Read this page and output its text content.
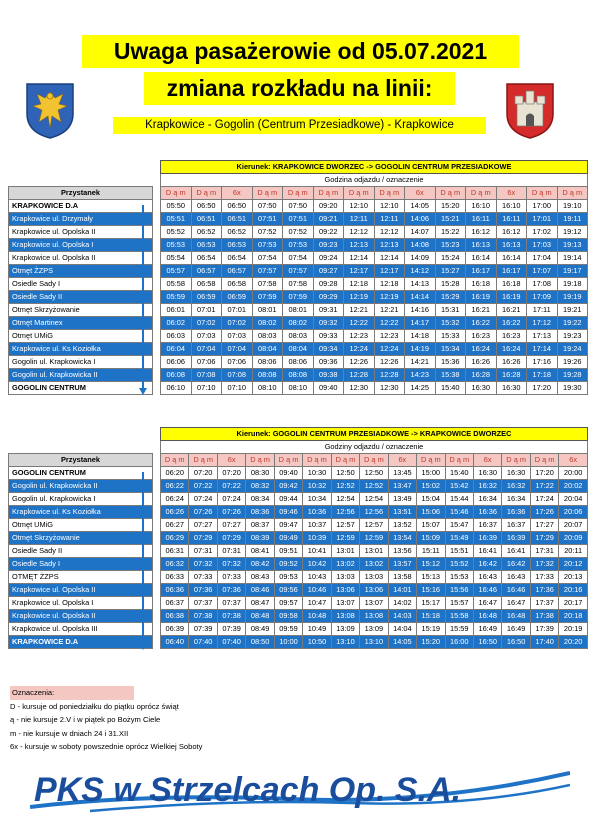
Uwaga pasażerowie od 05.07.2021
zmiana rozkładu na linii:
Krapkowice - Gogolin (Centrum Przesiadkowe) - Krapkowice
		Kierunek: KRAPKOWICE DWORZEC -> GOGOLIN CENTRUM PRZESIADKOWE													
		Godzina odjazdu / oznaczenie													
Przystanek		D ą m	D ą m	6x	D ą m	D ą m	D ą m	D ą m	D ą m	6x	D ą m	D ą m	6x	D ą m	D ą m
KRAPKOWICE D.A		05:50	06:50	06:50	07:50	07:50	09:20	12:10	12:10	14:05	15:20	16:10	16:10	17:00	19:10
Krapkowice ul. Drzymały		05:51	06:51	06:51	07:51	07:51	09:21	12:11	12:11	14:06	15:21	16:11	16:11	17:01	19:11
Krapkowice ul. Opolska II		05:52	06:52	06:52	07:52	07:52	09:22	12:12	12:12	14:07	15:22	16:12	16:12	17:02	19:12
Krapkowice ul. Opolska I		05:53	06:53	06:53	07:53	07:53	09:23	12:13	12:13	14:08	15:23	16:13	16:13	17:03	19:13
Krapkowice ul. Opolska II		05:54	06:54	06:54	07:54	07:54	09:24	12:14	12:14	14:09	15:24	16:14	16:14	17:04	19:14
Otmęt ŻZPS		05:57	06:57	06:57	07:57	07:57	09:27	12:17	12:17	14:12	15:27	16:17	16:17	17:07	19:17
Osiedle Sady I		05:58	06:58	06:58	07:58	07:58	09:28	12:18	12:18	14:13	15:28	16:18	16:18	17:08	19:18
Osiedle Sady II		05:59	06:59	06:59	07:59	07:59	09:29	12:19	12:19	14:14	15:29	16:19	16:19	17:09	19:19
Otmęt Skrzyżowanie		06:01	07:01	07:01	08:01	08:01	09:31	12:21	12:21	14:16	15:31	16:21	16:21	17:11	19:21
Otmęt Martinex		06:02	07:02	07:02	08:02	08:02	09:32	12:22	12:22	14:17	15:32	16:22	16:22	17:12	19:22
Otmęt UMiG		06:03	07:03	07:03	08:03	08:03	09:33	12:23	12:23	14:18	15:33	16:23	16:23	17:13	19:23
Krapkowice ul. Ks Koziołka		06:04	07:04	07:04	08:04	08:04	09:34	12:24	12:24	14:19	15:34	16:24	16:24	17:14	19:24
Gogolin ul. Krapkowicka I		06:06	07:06	07:06	08:06	08:06	09:36	12:26	12:26	14:21	15:36	16:26	16:26	17:16	19:26
Gogolin ul. Krapkowicka II		06:08	07:08	07:08	08:08	08:08	09:38	12:28	12:28	14:23	15:38	16:28	16:28	17:18	19:28
GOGOLIN CENTRUM		06:10	07:10	07:10	08:10	08:10	09:40	12:30	12:30	14:25	15:40	16:30	16:30	17:20	19:30
		Kierunek: GOGOLIN CENTRUM PRZESIADKOWE -> KRAPKOWICE DWORZEC														
		Godziny odjazdu / oznaczenie														
Przystanek		D ą m	D ą m	6x	D ą m	D ą m	D ą m	D ą m	D ą m	6x	D ą m	D ą m	6x	D ą m	D ą m	6x
GOGOLIN CENTRUM		06:20	07:20	07:20	08:30	09:40	10:30	12:50	12:50	13:45	15:00	15:40	16:30	16:30	17:20	20:00
Gogolin ul. Krapkowicka II		06:22	07:22	07:22	08:32	09:42	10:32	12:52	12:52	13:47	15:02	15:42	16:32	16:32	17:22	20:02
Gogolin ul. Krapkowicka I		06:24	07:24	07:24	08:34	09:44	10:34	12:54	12:54	13:49	15:04	15:44	16:34	16:34	17:24	20:04
Krapkowice ul. Ks Koziołka		06:26	07:26	07:26	08:36	09:46	10:36	12:56	12:56	13:51	15:06	15:46	16:36	16:36	17:26	20:06
Otmęt UMiG		06:27	07:27	07:27	08:37	09:47	10:37	12:57	12:57	13:52	15:07	15:47	16:37	16:37	17:27	20:07
Otmęt Skrzyżowanie		06:29	07:29	07:29	08:39	09:49	10:39	12:59	12:59	13:54	15:09	15:49	16:39	16:39	17:29	20:09
Osiedle Sady II		06:31	07:31	07:31	08:41	09:51	10:41	13:01	13:01	13:56	15:11	15:51	16:41	16:41	17:31	20:11
Osiedle Sady I		06:32	07:32	07:32	08:42	09:52	10:42	13:02	13:02	13:57	15:12	15:52	16:42	16:42	17:32	20:12
OTMĘT ŻZPS		06:33	07:33	07:33	08:43	09:53	10:43	13:03	13:03	13:58	15:13	15:53	16:43	16:43	17:33	20:13
Krapkowice ul. Opolska II		06:36	07:36	07:36	08:46	09:56	10:46	13:06	13:06	14:01	15:16	15:56	16:46	16:46	17:36	20:16
Krapkowice ul. Opolska I		06:37	07:37	07:37	08:47	09:57	10:47	13:07	13:07	14:02	15:17	15:57	16:47	16:47	17:37	20:17
Krapkowice ul. Opolska II		06:38	07:38	07:38	08:48	09:58	10:48	13:08	13:08	14:03	15:18	15:58	16:48	16:48	17:38	20:18
Krapkowice ul. Opolska III		06:39	07:39	07:39	08:49	09:59	10:49	13:09	13:09	14:04	15:19	15:59	16:49	16:49	17:39	20:19
KRAPKOWICE D.A		06:40	07:40	07:40	08:50	10:00	10:50	13:10	13:10	14:05	15:20	16:00	16:50	16:50	17:40	20:20
Oznaczenia:
D - kursuje od poniedziałku do piątku oprócz świąt
ą - nie kursuje 2.V i w piątek po Bożym Ciele
m - nie kursuje w dniach 24 i 31.XII
6x - kursuje w soboty powszednie oprócz Wielkiej Soboty
PKS w Strzelcach Op. S.A.
